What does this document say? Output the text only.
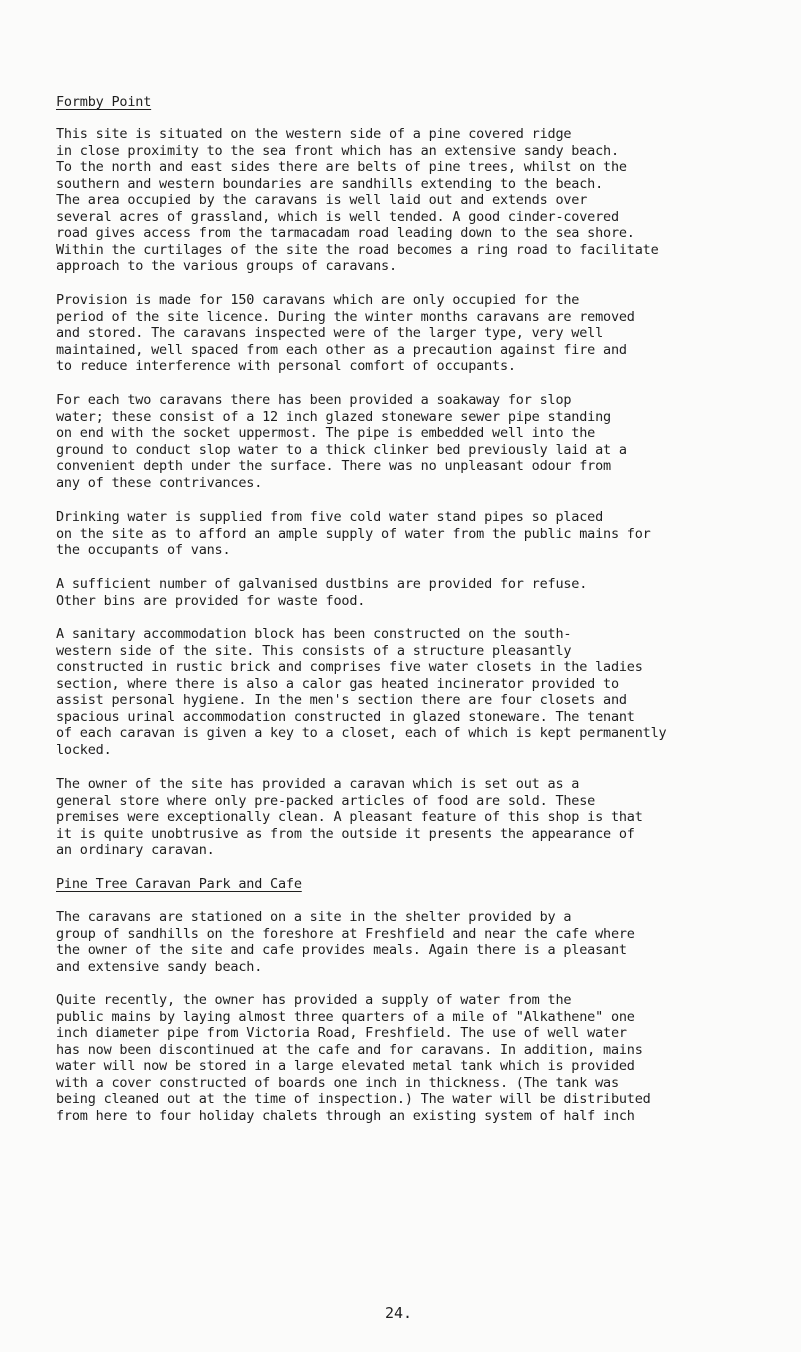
Formby Point

This site is situated on the western side of a pine covered ridge
in close proximity to the sea front which has an extensive sandy beach.
To the north and east sides there are belts of pine trees, whilst on the
southern and western boundaries are sandhills extending to the beach.
The area occupied by the caravans is well laid out and extends over
several acres of grassland, which is well tended. A good cinder-covered
road gives access from the tarmacadam road leading down to the sea shore.
Within the curtilages of the site the road becomes a ring road to facilitate
approach to the various groups of caravans.

Provision is made for 150 caravans which are only occupied for the
period of the site licence. During the winter months caravans are removed
and stored. The caravans inspected were of the larger type, very well
maintained, well spaced from each other as a precaution against fire and
to reduce interference with personal comfort of occupants.

For each two caravans there has been provided a soakaway for slop
water; these consist of a 12 inch glazed stoneware sewer pipe standing
on end with the socket uppermost. The pipe is embedded well into the
ground to conduct slop water to a thick clinker bed previously laid at a
convenient depth under the surface. There was no unpleasant odour from
any of these contrivances.

Drinking water is supplied from five cold water stand pipes so placed
on the site as to afford an ample supply of water from the public mains for
the occupants of vans.

A sufficient number of galvanised dustbins are provided for refuse.
Other bins are provided for waste food.

A sanitary accommodation block has been constructed on the south-
western side of the site. This consists of a structure pleasantly
constructed in rustic brick and comprises five water closets in the ladies
section, where there is also a calor gas heated incinerator provided to
assist personal hygiene. In the men's section there are four closets and
spacious urinal accommodation constructed in glazed stoneware. The tenant
of each caravan is given a key to a closet, each of which is kept permanently
locked.

The owner of the site has provided a caravan which is set out as a
general store where only pre-packed articles of food are sold. These
premises were exceptionally clean. A pleasant feature of this shop is that
it is quite unobtrusive as from the outside it presents the appearance of
an ordinary caravan.

Pine Tree Caravan Park and Cafe

The caravans are stationed on a site in the shelter provided by a
group of sandhills on the foreshore at Freshfield and near the cafe where
the owner of the site and cafe provides meals. Again there is a pleasant
and extensive sandy beach.

Quite recently, the owner has provided a supply of water from the
public mains by laying almost three quarters of a mile of "Alkathene" one
inch diameter pipe from Victoria Road, Freshfield. The use of well water
has now been discontinued at the cafe and for caravans. In addition, mains
water will now be stored in a large elevated metal tank which is provided
with a cover constructed of boards one inch in thickness. (The tank was
being cleaned out at the time of inspection.) The water will be distributed
from here to four holiday chalets through an existing system of half inch

24.
